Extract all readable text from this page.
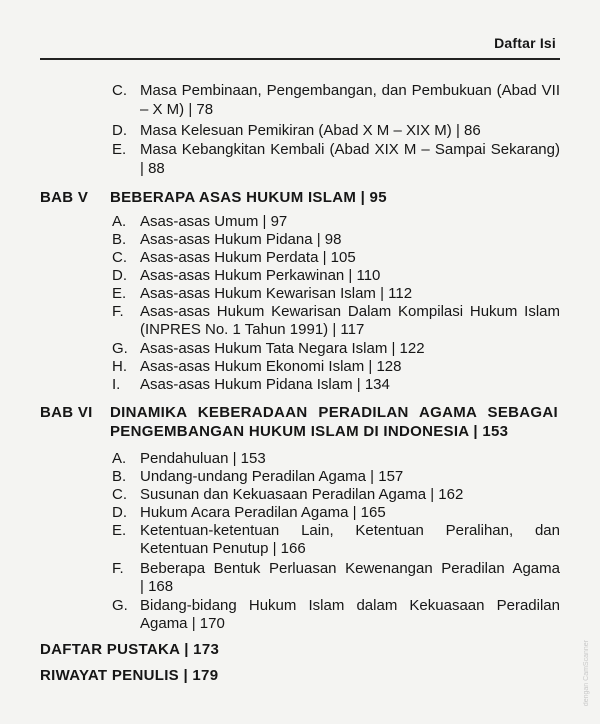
Daftar Isi
C. Masa Pembinaan, Pengembangan, dan Pembukuan (Abad VII
– X M) | 78
D. Masa Kelesuan Pemikiran (Abad X M – XIX M) | 86
E. Masa Kebangkitan Kembali (Abad XIX M – Sampai Sekarang)
| 88
BAB V BEBERAPA ASAS HUKUM ISLAM | 95
A. Asas-asas Umum | 97
B. Asas-asas Hukum Pidana | 98
C. Asas-asas Hukum Perdata | 105
D. Asas-asas Hukum Perkawinan | 110
E. Asas-asas Hukum Kewarisan Islam | 112
F. Asas-asas Hukum Kewarisan Dalam Kompilasi Hukum Islam
(INPRES No. 1 Tahun 1991) | 117
G. Asas-asas Hukum Tata Negara Islam | 122
H. Asas-asas Hukum Ekonomi Islam | 128
I. Asas-asas Hukum Pidana Islam | 134
BAB VI DINAMIKA KEBERADAAN PERADILAN AGAMA SEBAGAI
PENGEMBANGAN HUKUM ISLAM DI INDONESIA | 153
A. Pendahuluan | 153
B. Undang-undang Peradilan Agama | 157
C. Susunan dan Kekuasaan Peradilan Agama | 162
D. Hukum Acara Peradilan Agama | 165
E. Ketentuan-ketentuan Lain, Ketentuan Peralihan, dan
Ketentuan Penutup | 166
F. Beberapa Bentuk Perluasan Kewenangan Peradilan Agama
| 168
G. Bidang-bidang Hukum Islam dalam Kekuasaan Peradilan
Agama | 170
DAFTAR PUSTAKA | 173
RIWAYAT PENULIS | 179	dengan CamScanner
